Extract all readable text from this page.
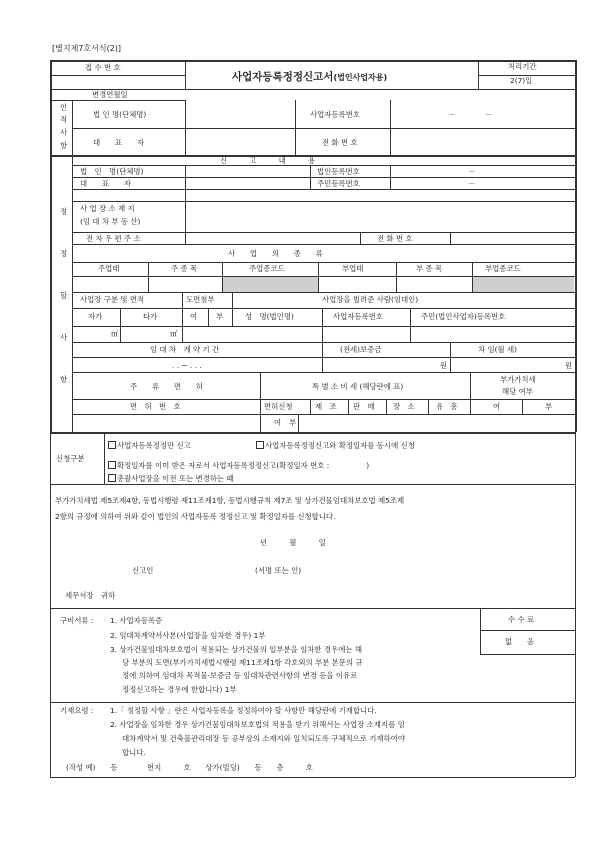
[별지제7호서식(2)]
접 수 번 호
사업자등록정정신고서(법인사업자용)
처리기간
2(7)일
변경연월일
인
적
사
항
법 인 명(단체명)	사업자등록번호	－　　　　－
대　　표　　자	전 화 번 호
정
정
할
사
항
신　　　고　　　내　　　용
법　인　명(단체명)	법인등록번호	－
대　　표　　자	주민등록번호	－
사 업 장 소 재 지
(임 대 차 부 동 산)
전 자 우 편 주 소	전 화 번 호
사　　업　　의　　종　　류
주업태	주 종 목	주업종코드	부업태	부 종 목	부업종코드
사업장 구분 및 면적	도면첨부	사업장을 빌려준 사람(임대인)
자가	타가	여	부	성　명(법인명)	사업자등록번호	주민(법인사업자)등록번호
㎡	㎡
임 대 차　계 약 기 간	(전세)보증금	차 임(월 세)
. . ~ . . .	원	원
주　　류　　면　　허	특 별 소 비 세 (해당란에 표)
부가가치세
해당 여부
면　허　번　호	면허신청	제　조 판　매 장　소	유　흥	여	부
여 부
신청구분
사업자등록정정만 신고	사업자등록정정신고와 확정일자를 동시에 신청
확정일자를 이미 받은 자로서 사업자등록정정신고(확정일자 번호 :　　　　　)
총괄사업장을 이전 또는 변경하는 때
부가가치세법 제5조제4항, 동법시행령 제11조제1항, 동법시행규칙 제7조 및 상가건물임대차보호법 제5조제
2항의 규정에 의하여 위와 같이 법인의 사업자등록 정정신고 및 확정일자를 신청합니다.
년　　　월　　　일
신고인	(서명 또는 인)
세무서장　귀하
구비서류 : 1. 사업자등록증
2. 임대차계약서사본(사업장을 임차한 경우) 1부
3. 상가건물임대차보호법이 적용되는 상가건물의 일부분을 임차한 경우에는 해
당 부분의 도면(부가가치세법시행령 제11조제1항 각호외의 부분 본문의 규
정에 의하여 임대차 목적물·보증금 등 임대차관련사항의 변경 등을 이유로
정정신고하는 경우에 한합니다) 1부
수 수 료
없　　음
기재요령 : 1.「 정정할 사항 」란은 사업자등록을 정정하여야 할 사항만 해당란에 기재합니다.
2. 사업장을 임차한 경우 상가건물임대차보호법의 적용을 받기 위해서는 사업장 소재지를 임
대차계약서 및 건축물관리대장 등 공부상의 소재지와 일치되도록 구체적으로 기재하여야
합니다.
(작성 예)　　동　　　　번지　　　호　　상가(빌딩)　　동　　층　　　호
